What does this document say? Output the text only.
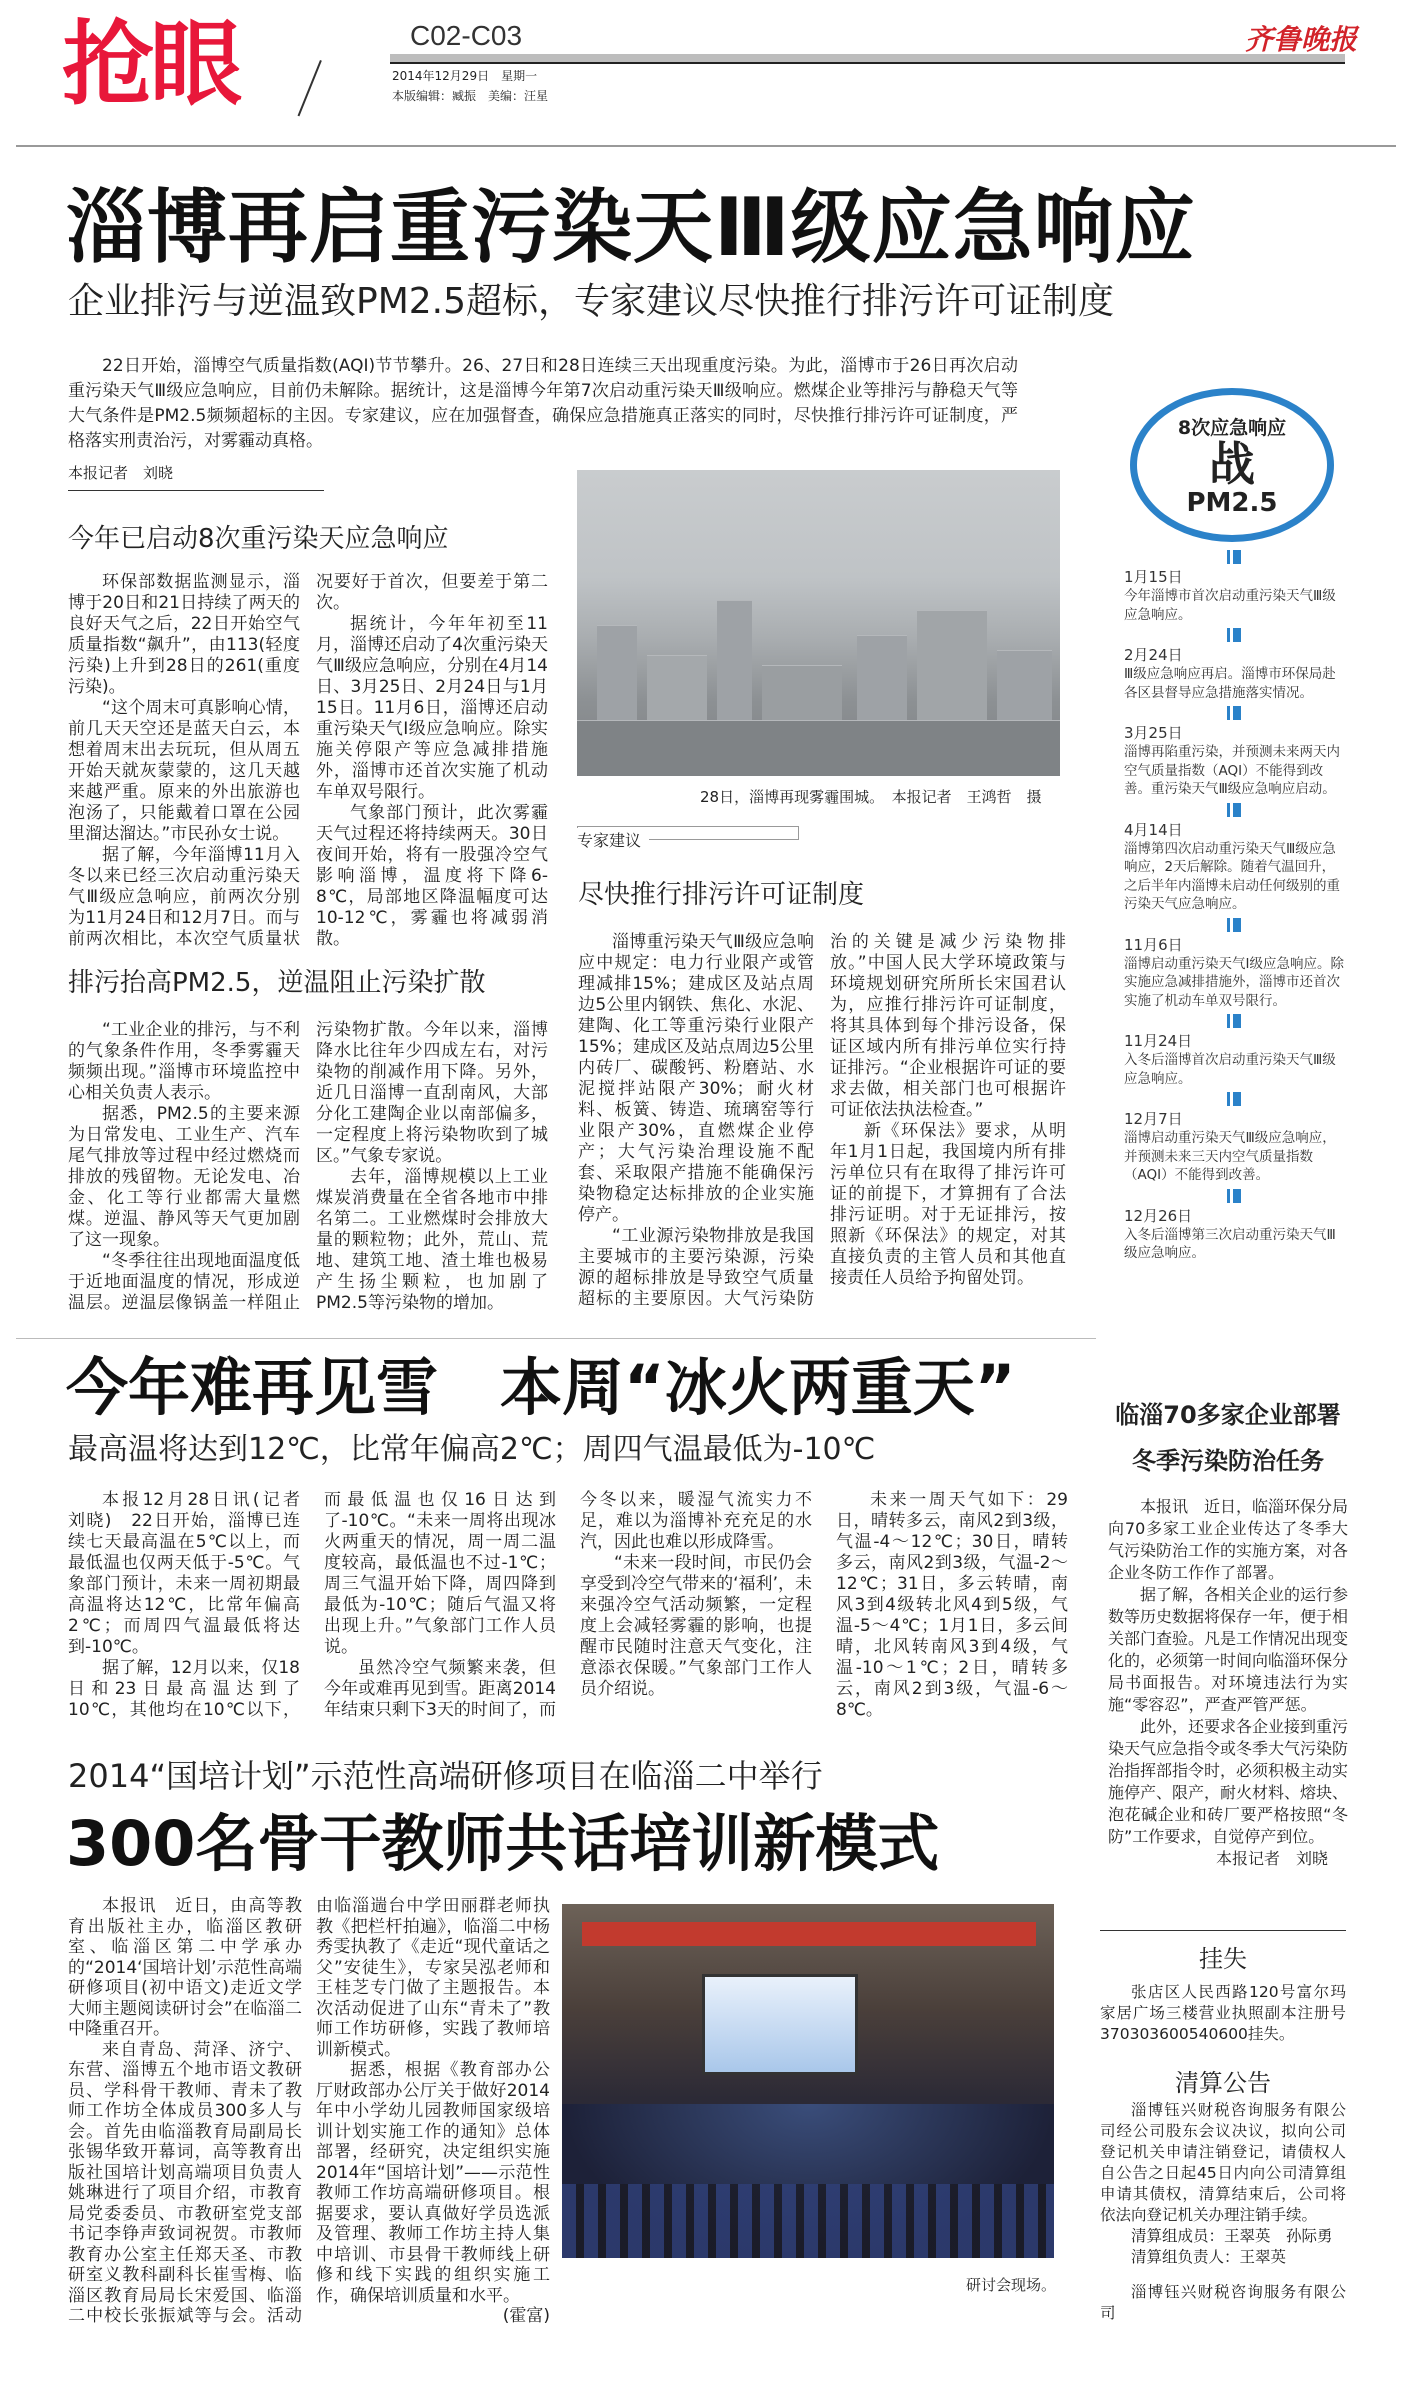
抢眼	C02-C03
2014年12月29日　星期一
本版编辑：臧振　美编：汪星
齐鲁晚报
淄博再启重污染天Ⅲ级应急响应
企业排污与逆温致PM2.5超标，专家建议尽快推行排污许可证制度
22日开始，淄博空气质量指数(AQI)节节攀升。26、27日和28日连续三天出现重度污染。为此，淄博市于26日再次启动重污染天气Ⅲ级应急响应，目前仍未解除。据统计，这是淄博今年第7次启动重污染天Ⅲ级响应。燃煤企业等排污与静稳天气等大气条件是PM2.5频频超标的主因。专家建议，应在加强督查，确保应急措施真正落实的同时，尽快推行排污许可证制度，严格落实刑责治污，对雾霾动真格。
本报记者　刘晓
今年已启动8次重污染天应急响应

环保部数据监测显示，淄博于20日和21日持续了两天的良好天气之后，22日开始空气质量指数“飙升”，由113(轻度污染)上升到28日的261(重度污染)。

“这个周末可真影响心情，前几天天空还是蓝天白云，本想着周末出去玩玩，但从周五开始天就灰蒙蒙的，这几天越来越严重。原来的外出旅游也泡汤了，只能戴着口罩在公园里溜达溜达。”市民孙女士说。

据了解，今年淄博11月入冬以来已经三次启动重污染天气Ⅲ级应急响应，前两次分别为11月24日和12月7日。而与前两次相比，本次空气质量状况要好于首次，但要差于第二次。

据统计，今年年初至11月，淄博还启动了4次重污染天气Ⅲ级应急响应，分别在4月14日、3月25日、2月24日与1月15日。11月6日，淄博还启动重污染天气Ⅰ级应急响应。除实施关停限产等应急减排措施外，淄博市还首次实施了机动车单双号限行。

气象部门预计，此次雾霾天气过程还将持续两天。30日夜间开始，将有一股强冷空气影响淄博，温度将下降6-8℃，局部地区降温幅度可达10-12℃，雾霾也将减弱消散。

排污抬高PM2.5，逆温阻止污染扩散

“工业企业的排污，与不利的气象条件作用，冬季雾霾天频频出现。”淄博市环境监控中心相关负责人表示。

据悉，PM2.5的主要来源为日常发电、工业生产、汽车尾气排放等过程中经过燃烧而排放的残留物。无论发电、冶金、化工等行业都需大量燃煤。逆温、静风等天气更加剧了这一现象。

“冬季往往出现地面温度低于近地面温度的情况，形成逆温层。逆温层像锅盖一样阻止污染物扩散。今年以来，淄博降水比往年少四成左右，对污染物的削减作用下降。另外，近几日淄博一直刮南风，大部分化工建陶企业以南部偏多，一定程度上将污染物吹到了城区。”气象专家说。

去年，淄博规模以上工业煤炭消费量在全省各地市中排名第二。工业燃煤时会排放大量的颗粒物；此外，荒山、荒地、建筑工地、渣土堆也极易产生扬尘颗粒，也加剧了PM2.5等污染物的增加。

28日，淄博再现雾霾围城。　本报记者　王鸿哲　摄
专家建议
尽快推行排污许可证制度

淄博重污染天气Ⅲ级应急响应中规定：电力行业限产或管理减排15%；建成区及站点周边5公里内钢铁、焦化、水泥、建陶、化工等重污染行业限产15%；建成区及站点周边5公里内砖厂、碳酸钙、粉磨站、水泥搅拌站限产30%；耐火材料、板簧、铸造、琉璃窑等行业限产30%，直燃煤企业停产；大气污染治理设施不配套、采取限产措施不能确保污染物稳定达标排放的企业实施停产。

“工业源污染物排放是我国主要城市的主要污染源，污染源的超标排放是导致空气质量超标的主要原因。大气污染防治的关键是减少污染物排放。”中国人民大学环境政策与环境规划研究所所长宋国君认为，应推行排污许可证制度，将其具体到每个排污设备，保证区域内所有排污单位实行持证排污。“企业根据许可证的要求去做，相关部门也可根据许可证依法执法检查。”

新《环保法》要求，从明年1月1日起，我国境内所有排污单位只有在取得了排污许可证的前提下，才算拥有了合法排污证明。对于无证排污，按照新《环保法》的规定，对其直接负责的主管人员和其他直接责任人员给予拘留处罚。

8次应急响应
战
PM2.5
1月15日
今年淄博市首次启动重污染天气Ⅲ级应急响应。
2月24日
Ⅲ级应急响应再启。淄博市环保局赴各区县督导应急措施落实情况。
3月25日
淄博再陷重污染，并预测未来两天内空气质量指数（AQI）不能得到改善。重污染天气Ⅲ级应急响应启动。
4月14日
淄博第四次启动重污染天气Ⅲ级应急响应，2天后解除。随着气温回升，之后半年内淄博未启动任何级别的重污染天气应急响应。
11月6日
淄博启动重污染天气Ⅰ级应急响应。除实施应急减排措施外，淄博市还首次实施了机动车单双号限行。
11月24日
入冬后淄博首次启动重污染天气Ⅲ级应急响应。
12月7日
淄博启动重污染天气Ⅲ级应急响应，并预测未来三天内空气质量指数（AQI）不能得到改善。
12月26日
入冬后淄博第三次启动重污染天气Ⅲ级应急响应。
今年难再见雪　本周“冰火两重天”
最高温将达到12℃，比常年偏高2℃；周四气温最低为-10℃

本报12月28日讯(记者　刘晓)　22日开始，淄博已连续七天最高温在5℃以上，而最低温也仅两天低于-5℃。气象部门预计，未来一周初期最高温将达12℃，比常年偏高2℃；而周四气温最低将达到-10℃。

据了解，12月以来，仅18日和23日最高温达到了10℃，其他均在10℃以下，而最低温也仅16日达到了-10℃。“未来一周将出现冰火两重天的情况，周一周二温度较高，最低温也不过-1℃；周三气温开始下降，周四降到最低为-10℃；随后气温又将出现上升。”气象部门工作人员说。

虽然冷空气频繁来袭，但今年或难再见到雪。距离2014年结束只剩下3天的时间了，而今冬以来，暖湿气流实力不足，难以为淄博补充充足的水汽，因此也难以形成降雪。

“未来一段时间，市民仍会享受到冷空气带来的‘福利’，未来强冷空气活动频繁，一定程度上会减轻雾霾的影响，也提醒市民随时注意天气变化，注意添衣保暖。”气象部门工作人员介绍说。

未来一周天气如下：29日，晴转多云，南风2到3级，气温-4～12℃；30日，晴转多云，南风2到3级，气温-2～12℃；31日，多云转晴，南风3到4级转北风4到5级，气温-5～4℃；1月1日，多云间晴，北风转南风3到4级，气温-10～1℃；2日，晴转多云，南风2到3级，气温-6～8℃。

临淄70多家企业部署
冬季污染防治任务

本报讯　近日，临淄环保分局向70多家工业企业传达了冬季大气污染防治工作的实施方案，对各企业冬防工作作了部署。

据了解，各相关企业的运行参数等历史数据将保存一年，便于相关部门查验。凡是工作情况出现变化的，必须第一时间向临淄环保分局书面报告。对环境违法行为实施“零容忍”，严查严管严惩。

此外，还要求各企业接到重污染天气应急指令或冬季大气污染防治指挥部指令时，必须积极主动实施停产、限产，耐火材料、熔块、泡花碱企业和砖厂要严格按照“冬防”工作要求，自觉停产到位。

本报记者　刘晓
2014“国培计划”示范性高端研修项目在临淄二中举行
300名骨干教师共话培训新模式

本报讯　近日，由高等教育出版社主办，临淄区教研室、临淄区第二中学承办的“2014‘国培计划’示范性高端研修项目(初中语文)走近文学大师主题阅读研讨会”在临淄二中隆重召开。

来自青岛、菏泽、济宁、东营、淄博五个地市语文教研员、学科骨干教师、青未了教师工作坊全体成员300多人与会。首先由临淄教育局副局长张锡华致开幕词，高等教育出版社国培计划高端项目负责人姚琳进行了项目介绍，市教育局党委委员、市教研室党支部书记李铮声致词祝贺。市教师教育办公室主任郑天圣、市教研室义教科副科长崔雪梅、临淄区教育局局长宋爱国、临淄二中校长张振斌等与会。活动由临淄遄台中学田丽群老师执教《把栏杆拍遍》，临淄二中杨秀雯执教了《走近“现代童话之父”安徒生》，专家吴泓老师和王桂芝专门做了主题报告。本次活动促进了山东“青未了”教师工作坊研修，实践了教师培训新模式。

据悉，根据《教育部办公厅财政部办公厅关于做好2014年中小学幼儿园教师国家级培训计划实施工作的通知》总体部署，经研究，决定组织实施2014年“国培计划”——示范性教师工作坊高端研修项目。根据要求，要认真做好学员选派及管理、教师工作坊主持人集中培训、市县骨干教师线上研修和线下实践的组织实施工作，确保培训质量和水平。

(霍富)
研讨会现场。
挂失

张店区人民西路120号富尔玛家居广场三楼营业执照副本注册号370303600540600挂失。

清算公告

淄博钰兴财税咨询服务有限公司经公司股东会议决议，拟向公司登记机关申请注销登记，请债权人自公告之日起45日内向公司清算组申请其债权，清算结束后，公司将依法向登记机关办理注销手续。

清算组成员：王翠英　孙际勇

清算组负责人：王翠英

淄博钰兴财税咨询服务有限公司
